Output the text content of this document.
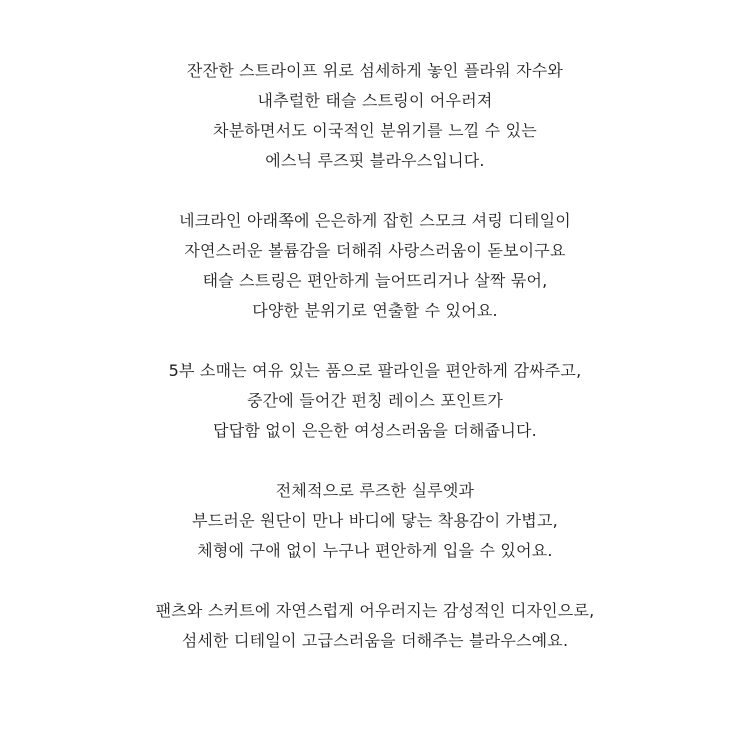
잔잔한 스트라이프 위로 섬세하게 놓인 플라워 자수와
내추럴한 태슬 스트링이 어우러져
차분하면서도 이국적인 분위기를 느낄 수 있는
에스닉 루즈핏 블라우스입니다.
네크라인 아래쪽에 은은하게 잡힌 스모크 셔링 디테일이
자연스러운 볼륨감을 더해줘 사랑스러움이 돋보이구요
태슬 스트링은 편안하게 늘어뜨리거나 살짝 묶어,
다양한 분위기로 연출할 수 있어요.
5부 소매는 여유 있는 품으로 팔라인을 편안하게 감싸주고,
중간에 들어간 펀칭 레이스 포인트가
답답함 없이 은은한 여성스러움을 더해줍니다.
전체적으로 루즈한 실루엣과
부드러운 원단이 만나 바디에 닿는 착용감이 가볍고,
체형에 구애 없이 누구나 편안하게 입을 수 있어요.
팬츠와 스커트에 자연스럽게 어우러지는 감성적인 디자인으로,
섬세한 디테일이 고급스러움을 더해주는 블라우스예요.
